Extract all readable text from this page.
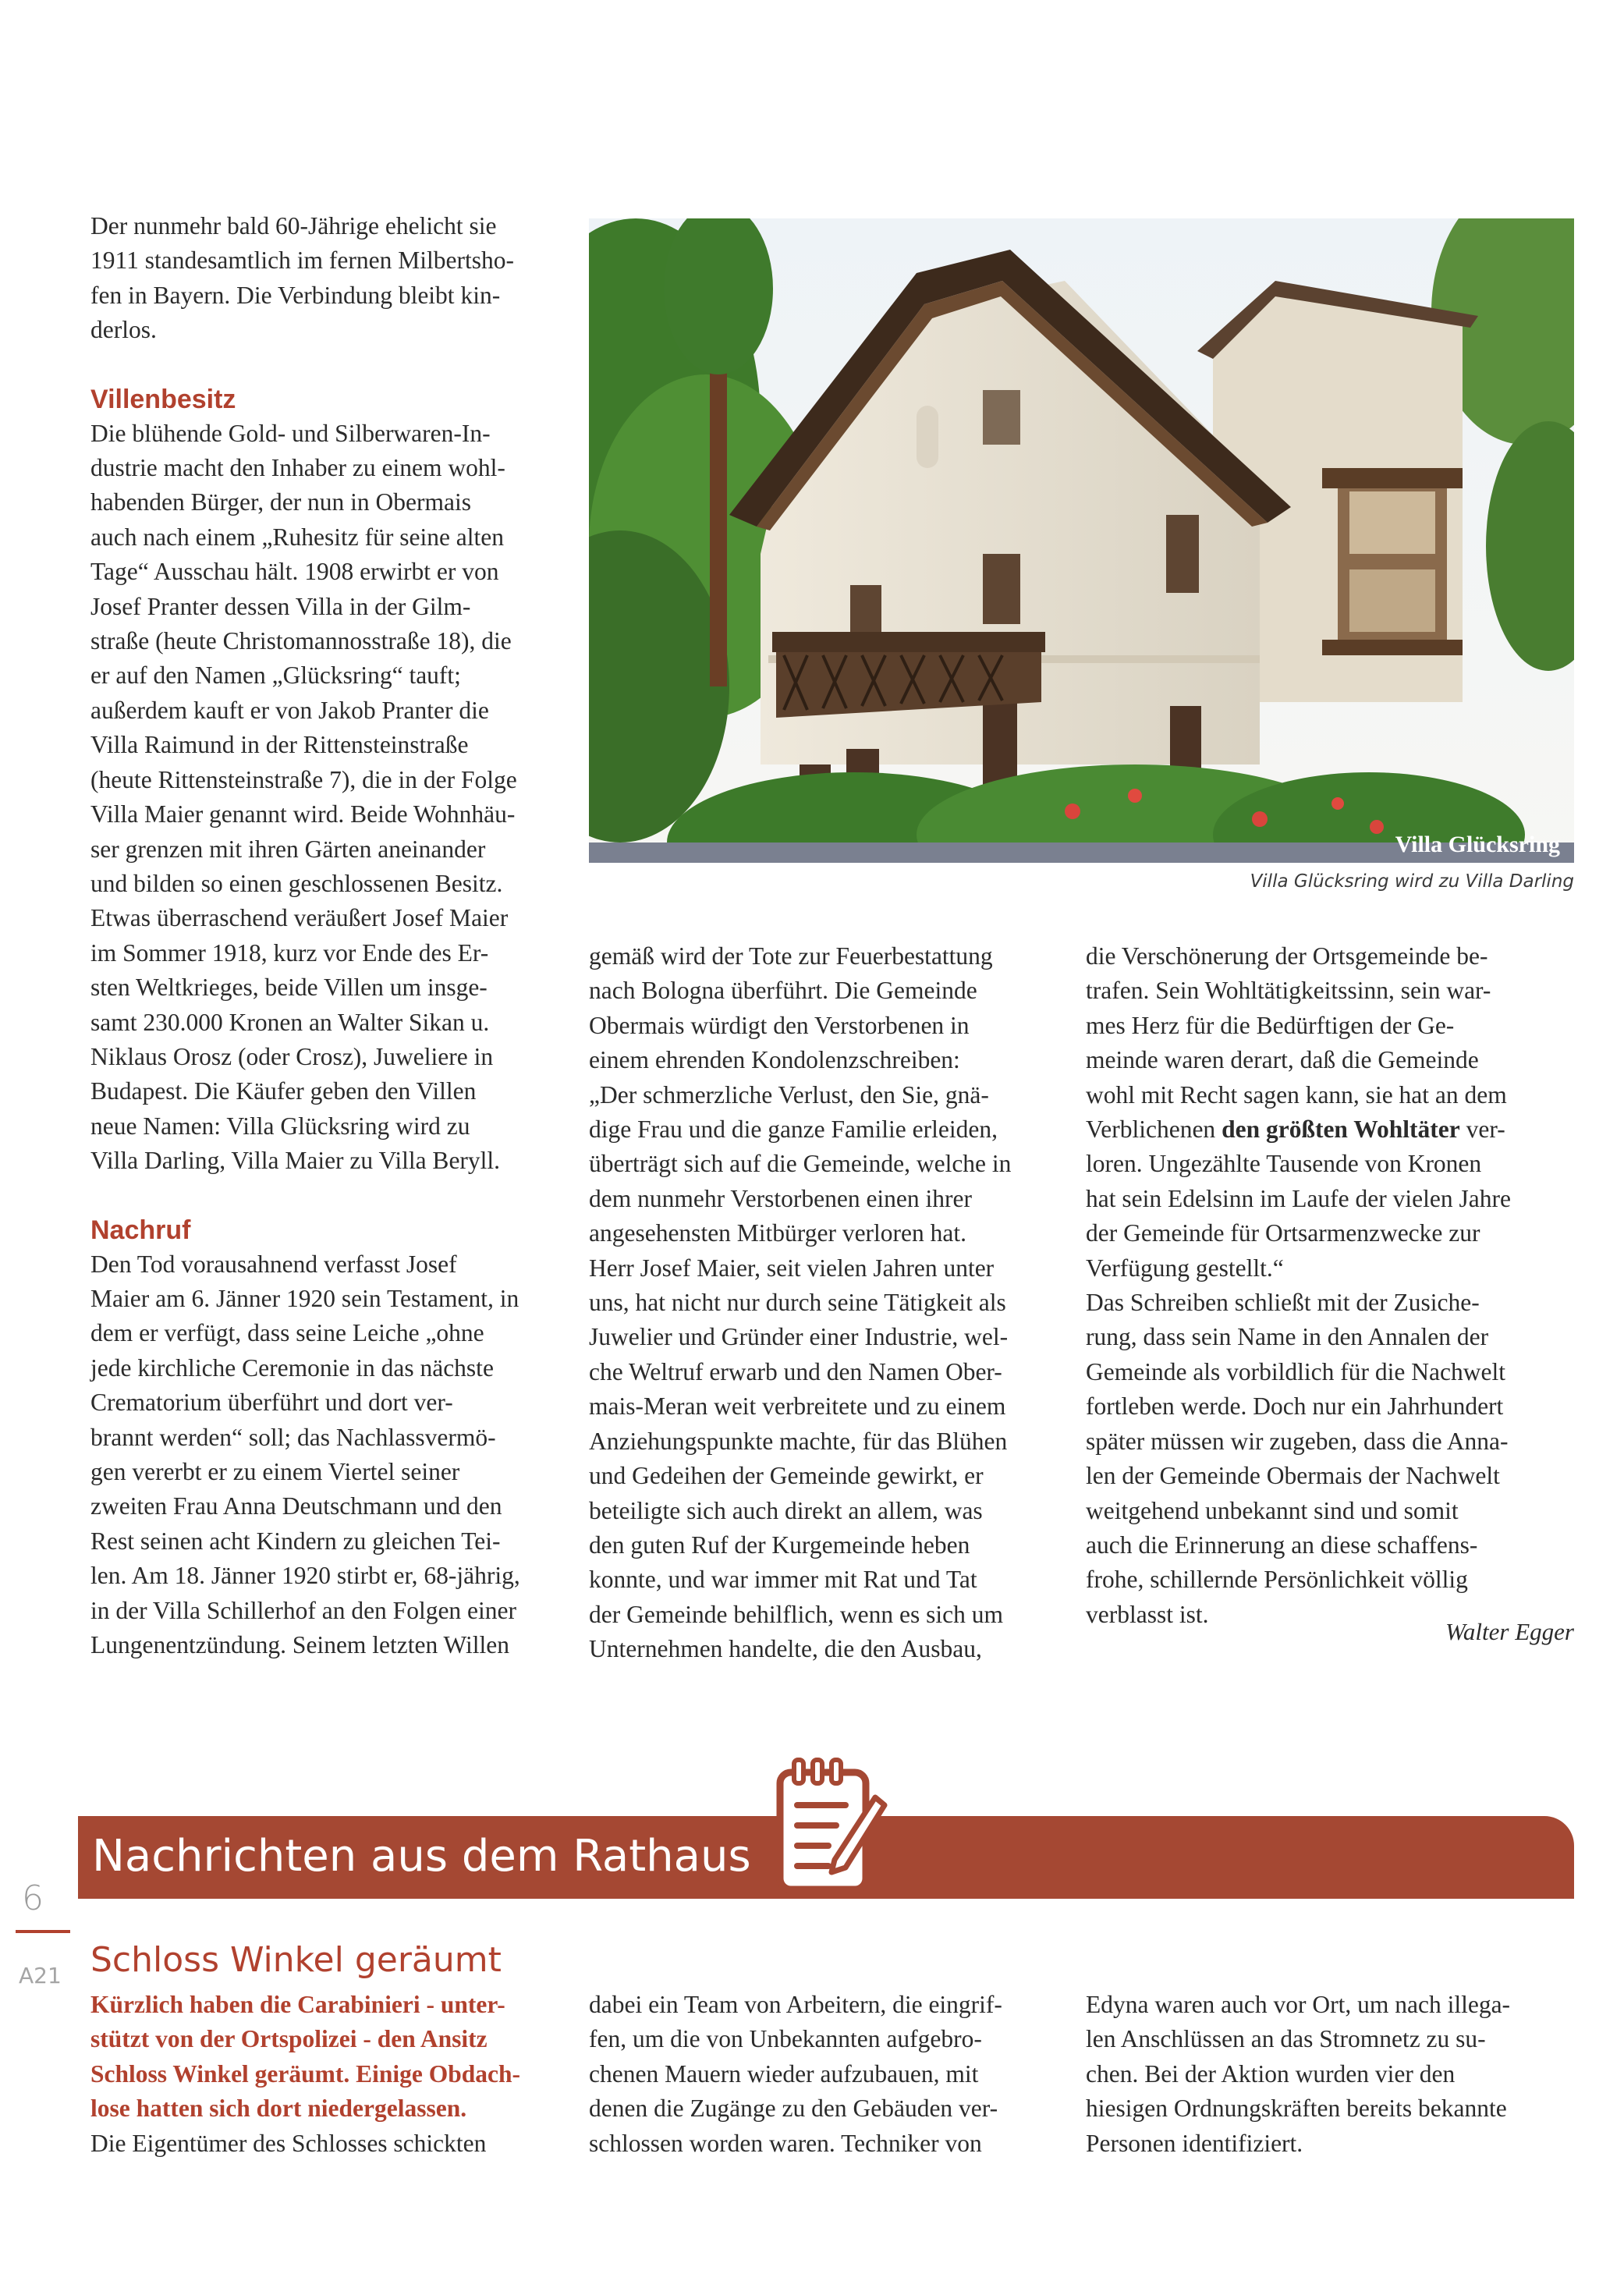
Der nunmehr bald 60-Jährige ehelicht sie

1911 standesamtlich im fernen Milbertsho-

fen in Bayern. Die Verbindung bleibt kin-

derlos.

Villenbesitz

Die blühende Gold- und Silberwaren-In-

dustrie macht den Inhaber zu einem wohl-

habenden Bürger, der nun in Obermais

auch nach einem „Ruhesitz für seine alten

Tage“ Ausschau hält. 1908 erwirbt er von

Josef Pranter dessen Villa in der Gilm-

straße (heute Christomannosstraße 18), die

er auf den Namen „Glücksring“ tauft;

außerdem kauft er von Jakob Pranter die

Villa Raimund in der Rittensteinstraße

(heute Rittensteinstraße 7), die in der Folge

Villa Maier genannt wird. Beide Wohnhäu-

ser grenzen mit ihren Gärten aneinander

und bilden so einen geschlossenen Besitz.

Etwas überraschend veräußert Josef Maier

im Sommer 1918, kurz vor Ende des Er-

sten Weltkrieges, beide Villen um insge-

samt 230.000 Kronen an Walter Sikan u.

Niklaus Orosz (oder Crosz), Juweliere in

Budapest. Die Käufer geben den Villen

neue Namen: Villa Glücksring wird zu

Villa Darling, Villa Maier zu Villa Beryll.

Nachruf

Den Tod vorausahnend verfasst Josef

Maier am 6. Jänner 1920 sein Testament, in

dem er verfügt, dass seine Leiche „ohne

jede kirchliche Ceremonie in das nächste

Crematorium überführt und dort ver-

brannt werden“ soll; das Nachlassvermö-

gen vererbt er zu einem Viertel seiner

zweiten Frau Anna Deutschmann und den

Rest seinen acht Kindern zu gleichen Tei-

len. Am 18. Jänner 1920 stirbt er, 68-jährig,

in der Villa Schillerhof an den Folgen einer

Lungenentzündung. Seinem letzten Willen

Villa Glücksring
Villa Glücksring wird zu Villa Darling

gemäß wird der Tote zur Feuerbestattung

nach Bologna überführt. Die Gemeinde

Obermais würdigt den Verstorbenen in

einem ehrenden Kondolenzschreiben:

„Der schmerzliche Verlust, den Sie, gnä-

dige Frau und die ganze Familie erleiden,

überträgt sich auf die Gemeinde, welche in

dem nunmehr Verstorbenen einen ihrer

angesehensten Mitbürger verloren hat.

Herr Josef Maier, seit vielen Jahren unter

uns, hat nicht nur durch seine Tätigkeit als

Juwelier und Gründer einer Industrie, wel-

che Weltruf erwarb und den Namen Ober-

mais-Meran weit verbreitete und zu einem

Anziehungspunkte machte, für das Blühen

und Gedeihen der Gemeinde gewirkt, er

beteiligte sich auch direkt an allem, was

den guten Ruf der Kurgemeinde heben

konnte, und war immer mit Rat und Tat

der Gemeinde behilflich, wenn es sich um

Unternehmen handelte, die den Ausbau,

die Verschönerung der Ortsgemeinde be-

trafen. Sein Wohltätigkeitssinn, sein war-

mes Herz für die Bedürftigen der Ge-

meinde waren derart, daß die Gemeinde

wohl mit Recht sagen kann, sie hat an dem

Verblichenen den größten Wohltäter ver-

loren. Ungezählte Tausende von Kronen

hat sein Edelsinn im Laufe der vielen Jahre

der Gemeinde für Ortsarmenzwecke zur

Verfügung gestellt.“

Das Schreiben schließt mit der Zusiche-

rung, dass sein Name in den Annalen der

Gemeinde als vorbildlich für die Nachwelt

fortleben werde. Doch nur ein Jahrhundert

später müssen wir zugeben, dass die Anna-

len der Gemeinde Obermais der Nachwelt

weitgehend unbekannt sind und somit

auch die Erinnerung an diese schaffens-

frohe, schillernde Persönlichkeit völlig

verblasst ist.

Walter Egger
Nachrichten aus dem Rathaus
6
A21 Schloss Winkel geräumt

Kürzlich haben die Carabinieri - unter-

stützt von der Ortspolizei - den Ansitz

Schloss Winkel geräumt. Einige Obdach-

lose hatten sich dort niedergelassen.

Die Eigentümer des Schlosses schickten

dabei ein Team von Arbeitern, die eingrif-

fen, um die von Unbekannten aufgebro-

chenen Mauern wieder aufzubauen, mit

denen die Zugänge zu den Gebäuden ver-

schlossen worden waren. Techniker von

Edyna waren auch vor Ort, um nach illega-

len Anschlüssen an das Stromnetz zu su-

chen. Bei der Aktion wurden vier den

hiesigen Ordnungskräften bereits bekannte

Personen identifiziert.
